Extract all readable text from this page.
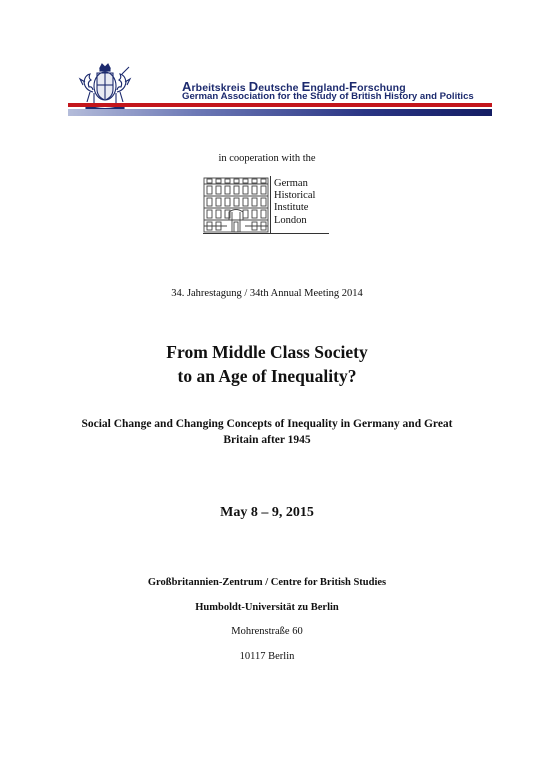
Arbeitskreis Deutsche England-Forschung
German Association for the Study of British History and Politics
in cooperation with the
German
Historical
Institute
London
34. Jahrestagung / 34th Annual Meeting 2014
From Middle Class Society
to an Age of Inequality?
Social Change and Changing Concepts of Inequality in Germany and Great
Britain after 1945
May 8 – 9, 2015
Großbritannien-Zentrum / Centre for British Studies
Humboldt-Universität zu Berlin
Mohrenstraße 60
10117 Berlin
